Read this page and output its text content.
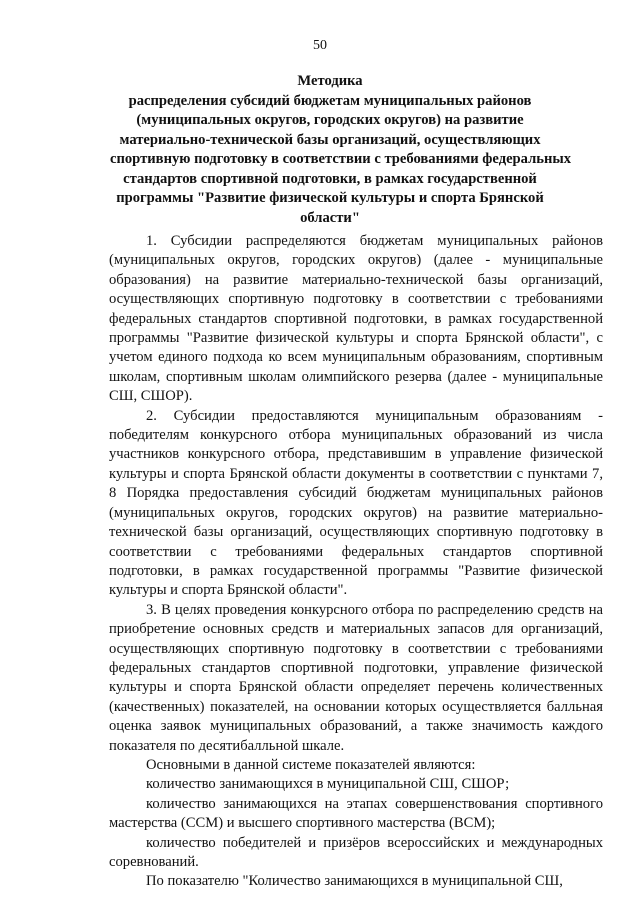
50
Методика
распределения субсидий бюджетам муниципальных районов
(муниципальных округов, городских округов) на развитие
материально-технической базы организаций, осуществляющих
спортивную подготовку в соответствии с требованиями федеральных
стандартов спортивной подготовки, в рамках государственной
программы "Развитие физической культуры и спорта Брянской
области"

1. Субсидии распределяются бюджетам муниципальных районов (муниципальных округов, городских округов) (далее - муниципальные образования) на развитие материально-технической базы организаций, осуществляющих спортивную подготовку в соответствии с требованиями федеральных стандартов спортивной подготовки, в рамках государственной программы "Развитие физической культуры и спорта Брянской области", с учетом единого подхода ко всем муниципальным образованиям, спортивным школам, спортивным школам олимпийского резерва (далее - муниципальные СШ, СШОР).

2. Субсидии предоставляются муниципальным образованиям - победителям конкурсного отбора муниципальных образований из числа участников конкурсного отбора, представившим в управление физической культуры и спорта Брянской области документы в соответствии с пунктами 7, 8 Порядка предоставления субсидий бюджетам муниципальных районов (муниципальных округов, городских округов) на развитие материально-технической базы организаций, осуществляющих спортивную подготовку в соответствии с требованиями федеральных стандартов спортивной подготовки, в рамках государственной программы "Развитие физической культуры и спорта Брянской области".

3. В целях проведения конкурсного отбора по распределению средств на приобретение основных средств и материальных запасов для организаций, осуществляющих спортивную подготовку в соответствии с требованиями федеральных стандартов спортивной подготовки, управление физической культуры и спорта Брянской области определяет перечень количественных (качественных) показателей, на основании которых осуществляется балльная оценка заявок муниципальных образований, а также значимость каждого показателя по десятибалльной шкале.

Основными в данной системе показателей являются:

количество занимающихся в муниципальной СШ, СШОР;

количество занимающихся на этапах совершенствования спортивного мастерства (ССМ) и высшего спортивного мастерства (ВСМ);

количество победителей и призёров всероссийских и международных соревнований.

По показателю "Количество занимающихся в муниципальной СШ,
